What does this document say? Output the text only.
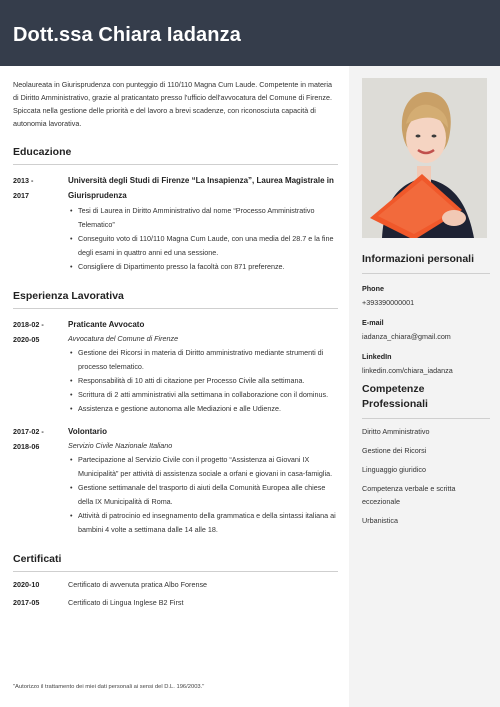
Dott.ssa Chiara Iadanza

Neolaureata in Giurisprudenza con punteggio di 110/110 Magna Cum Laude. Competente in materia di Diritto Amministrativo, grazie al praticantato presso l'ufficio dell'avvocatura del Comune di Firenze. Spiccata nella gestione delle priorità e del lavoro a brevi scadenze, con riconosciuta capacità di autonomia lavorativa.

Educazione
2013 -
2017
Università degli Studi di Firenze “La Insapienza”, Laurea Magistrale in Giurisprudenza
• Tesi di Laurea in Diritto Amministrativo dal nome “Processo Amministrativo Telematico”
• Conseguito voto di 110/110 Magna Cum Laude, con una media del 28.7 e la fine degli esami in quattro anni ed una sessione.
• Consigliere di Dipartimento presso la facoltà con 871 preferenze.
Esperienza Lavorativa
2018-02 -
2020-05
Praticante Avvocato
Avvocatura del Comune di Firenze
• Gestione dei Ricorsi in materia di Diritto amministrativo mediante strumenti di processo telematico.
• Responsabilità di 10 atti di citazione per Processo Civile alla settimana.
• Scrittura di 2 atti amministrativi alla settimana in collaborazione con il dominus.
• Assistenza e gestione autonoma alle Mediazioni e alle Udienze.
2017-02 -
2018-06
Volontario
Servizio Civile Nazionale Italiano
• Partecipazione al Servizio Civile con il progetto “Assistenza ai Giovani IX Municipalità” per attività di assistenza sociale a orfani e giovani in casa-famiglia.
• Gestione settimanale del trasporto di aiuti della Comunità Europea alle chiese della IX Municipalità di Roma.
• Attività di patrocinio ed insegnamento della grammatica e della sintassi italiana ai bambini 4 volte a settimana dalle 14 alle 18.
Certificati
2020-10	Certificato di avvenuta pratica Albo Forense
2017-05	Certificato di Lingua Inglese B2 First
"Autorizzo il trattamento dei miei dati personali ai sensi del D.L. 196/2003."
Informazioni personali
Phone
+393390000001
E-mail
iadanza_chiara@gmail.com
LinkedIn
linkedin.com/chiara_iadanza
Competenze Professionali
Diritto Amministrativo
Gestione dei Ricorsi
Linguaggio giuridico
Competenza verbale e scritta eccezionale
Urbanistica
